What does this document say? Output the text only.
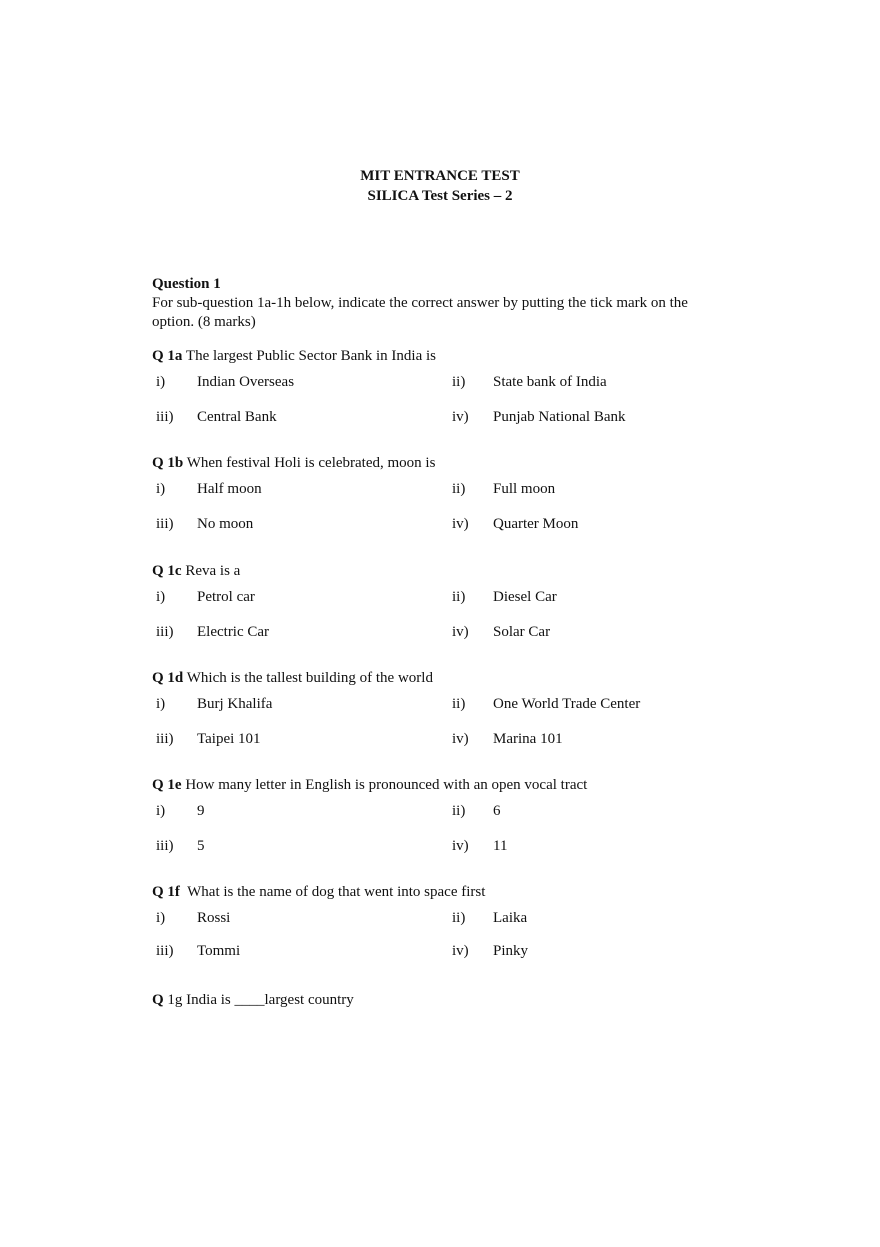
MIT ENTRANCE TEST
SILICA Test Series – 2
Question 1
For sub-question 1a-1h below, indicate the correct answer by putting the tick mark on the option. (8 marks)
Q 1a The largest Public Sector Bank in India is
i) Indian Overseas	ii) State bank of India
iii) Central Bank	iv) Punjab National Bank
Q 1b When festival Holi is celebrated, moon is
i) Half moon	ii) Full moon
iii) No moon	iv) Quarter Moon
Q 1c Reva is a
i) Petrol car	ii) Diesel Car
iii) Electric Car	iv) Solar Car
Q 1d Which is the tallest building of the world
i) Burj Khalifa	ii) One World Trade Center
iii) Taipei 101	iv) Marina 101
Q 1e How many letter in English is pronounced with an open vocal tract
i) 9	ii) 6
iii) 5	iv) 11
Q 1f  What is the name of dog that went into space first
i) Rossi	ii) Laika
iii) Tommi	iv) Pinky
Q 1g India is ____largest country
